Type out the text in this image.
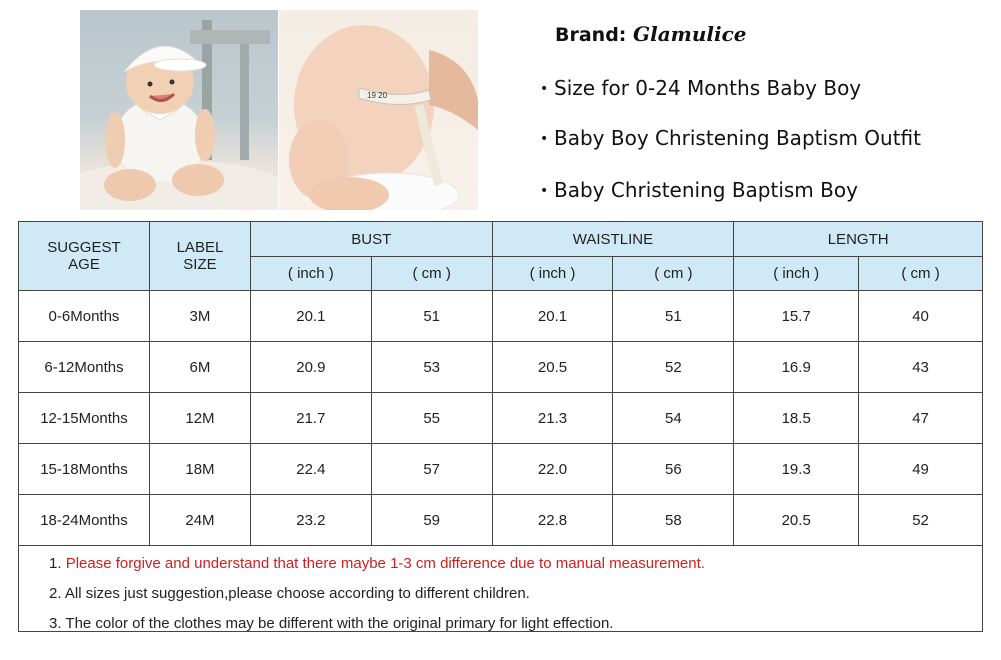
19 20
Brand: Glamulice
• Size for 0-24 Months Baby Boy
• Baby Boy Christening Baptism Outfit
• Baby Christening Baptism Boy
SUGGEST AGE	LABEL SIZE	BUST		WAISTLINE		LENGTH	
		( inch )	( cm )	( inch )	( cm )	( inch )	( cm )
0-6Months	3M	20.1	51	20.1	51	15.7	40
6-12Months	6M	20.9	53	20.5	52	16.9	43
12-15Months	12M	21.7	55	21.3	54	18.5	47
15-18Months	18M	22.4	57	22.0	56	19.3	49
18-24Months	24M	23.2	59	22.8	58	20.5	52

1. Please forgive and understand that there maybe 1-3 cm difference due to manual measurement.
2. All sizes just suggestion,please choose according to different children.
3. The color of the clothes may be different with the original primary for light effection.							
